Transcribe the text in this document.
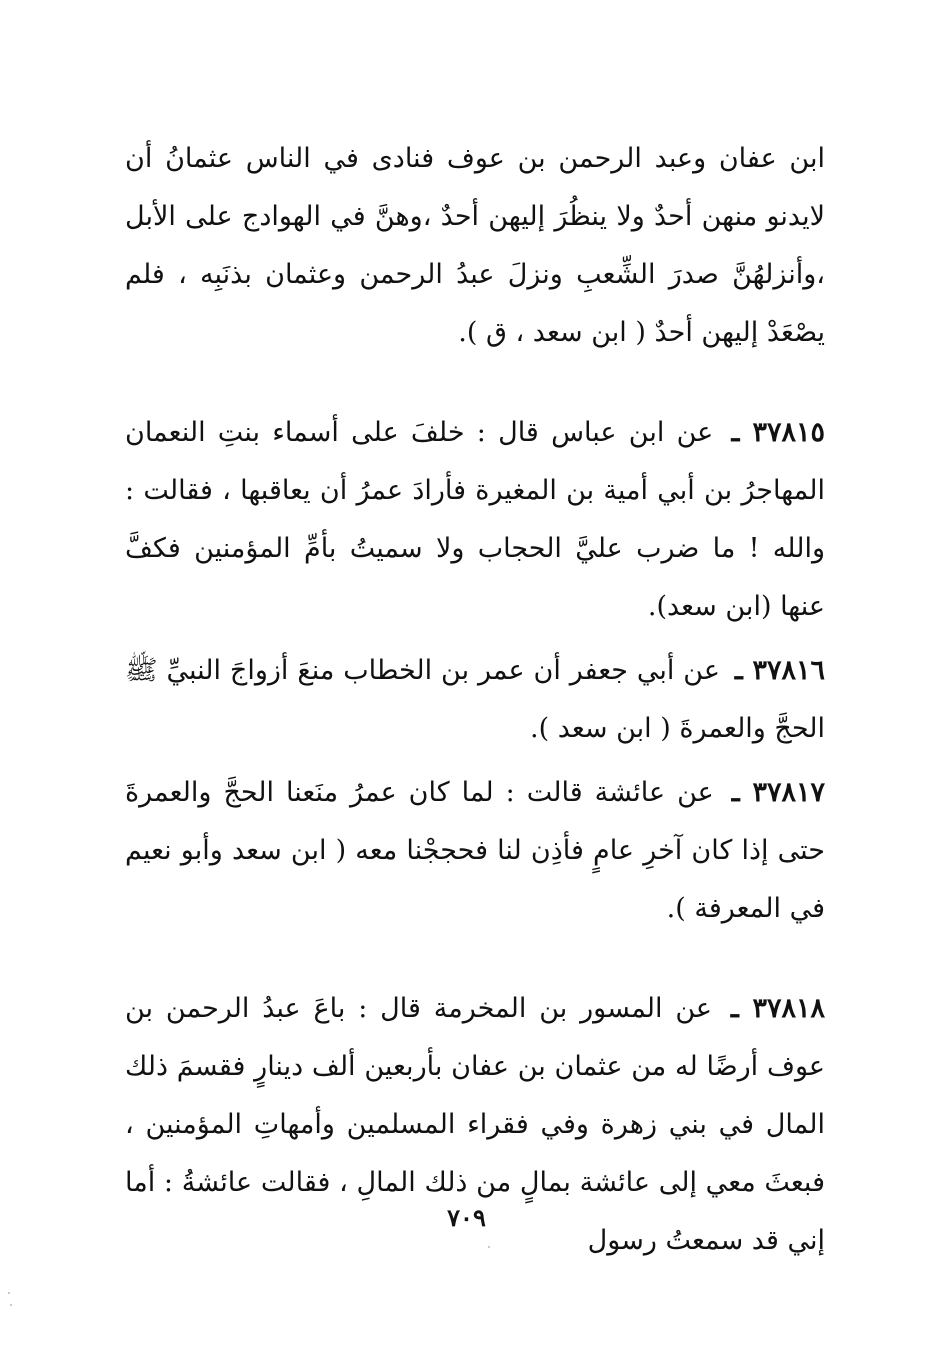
ابن عفان وعبد الرحمن بن عوف فنادى في الناس عثمانُ أن لايدنو منهن أحدٌ ولا ينظُرَ إليهن أحدٌ ،وهنَّ في الهوادج على الأبل ،وأنزلهُنَّ صدرَ الشِّعبِ ونزلَ عبدُ الرحمن وعثمان بذنَبِه ، فلم يصْعَدْ إليهن أحدٌ ( ابن سعد ، ق ).

٣٧٨١٥ ـ عن ابن عباس قال : خلفَ على أسماء بنتِ النعمان المهاجرُ بن أبي أمية بن المغيرة فأرادَ عمرُ أن يعاقبها ، فقالت : والله ! ما ضرب عليَّ الحجاب ولا سميتُ بأمِّ المؤمنين فكفَّ عنها (ابن سعد).

٣٧٨١٦ ـ عن أبي جعفر أن عمر بن الخطاب منعَ أزواجَ النبيِّ ﷺ الحجَّ والعمرةَ ( ابن سعد ).

٣٧٨١٧ ـ عن عائشة قالت : لما كان عمرُ منَعنا الحجَّ والعمرةَ حتى إذا كان آخرِ عامٍ فأذِن لنا فحججْنا معه ( ابن سعد وأبو نعيم في المعرفة ).

٣٧٨١٨ ـ عن المسور بن المخرمة قال : باعَ عبدُ الرحمن بن عوف أرضًا له من عثمان بن عفان بأربعين ألف دينارٍ فقسمَ ذلك المال في بني زهرة وفي فقراء المسلمين وأمهاتِ المؤمنين ، فبعثَ معي إلى عائشة بمالٍ من ذلك المالِ ، فقالت عائشةُ : أما إني قد سمعتُ رسول

٧٠٩
